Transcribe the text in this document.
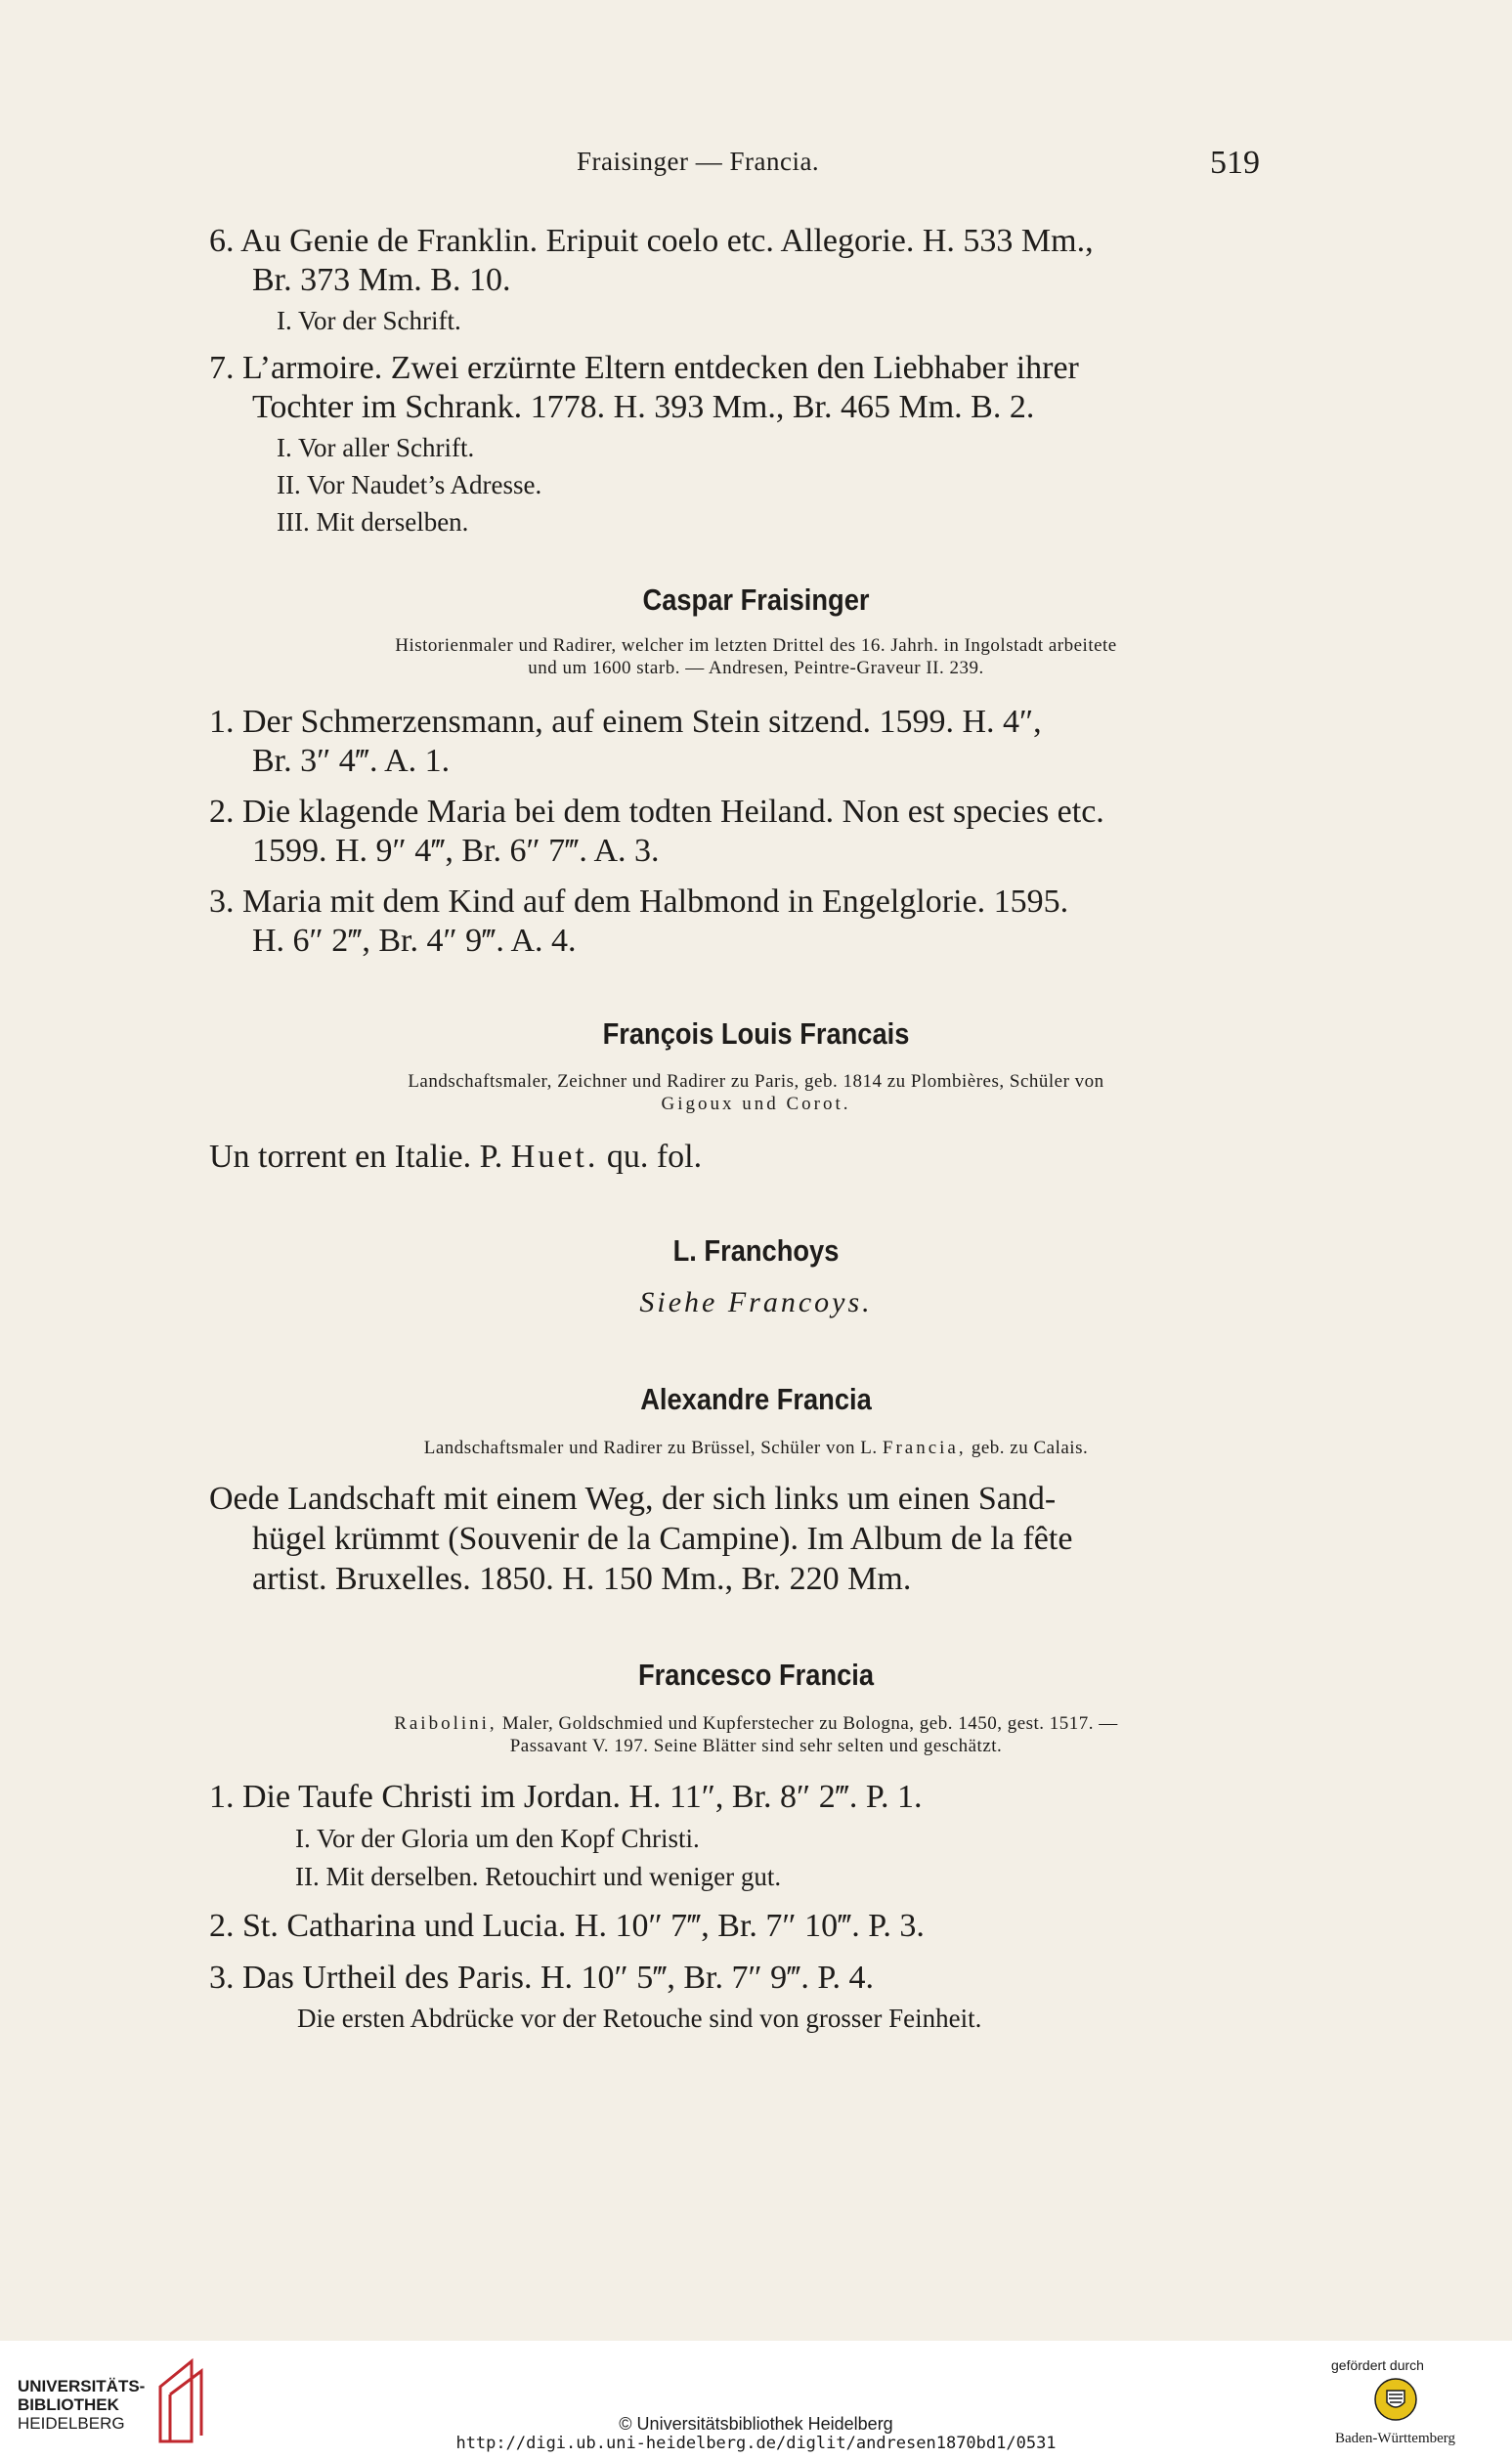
Fraisinger — Francia.	519
6. Au Genie de Franklin. Eripuit coelo etc. Allegorie. H. 533 Mm.,
Br. 373 Mm. B. 10.
I. Vor der Schrift.
7. L’armoire. Zwei erzürnte Eltern entdecken den Liebhaber ihrer
Tochter im Schrank. 1778. H. 393 Mm., Br. 465 Mm. B. 2.
I. Vor aller Schrift.
II. Vor Naudet’s Adresse.
III. Mit derselben.
Caspar Fraisinger
Historienmaler und Radirer, welcher im letzten Drittel des 16. Jahrh. in Ingolstadt arbeitete
und um 1600 starb. — Andresen, Peintre-Graveur II. 239.
1. Der Schmerzensmann, auf einem Stein sitzend. 1599. H. 4″,
Br. 3″ 4‴. A. 1.
2. Die klagende Maria bei dem todten Heiland. Non est species etc.
1599. H. 9″ 4‴, Br. 6″ 7‴. A. 3.
3. Maria mit dem Kind auf dem Halbmond in Engelglorie. 1595.
H. 6″ 2‴, Br. 4″ 9‴. A. 4.
François Louis Francais
Landschaftsmaler, Zeichner und Radirer zu Paris, geb. 1814 zu Plombières, Schüler von
Gigoux und Corot.
Un torrent en Italie. P. Huet. qu. fol.
L. Franchoys
Siehe Francoys.
Alexandre Francia
Landschaftsmaler und Radirer zu Brüssel, Schüler von L. Francia, geb. zu Calais.
Oede Landschaft mit einem Weg, der sich links um einen Sand-
hügel krümmt (Souvenir de la Campine). Im Album de la fête
artist. Bruxelles. 1850. H. 150 Mm., Br. 220 Mm.
Francesco Francia
Raibolini, Maler, Goldschmied und Kupferstecher zu Bologna, geb. 1450, gest. 1517. —
Passavant V. 197. Seine Blätter sind sehr selten und geschätzt.
1. Die Taufe Christi im Jordan. H. 11″, Br. 8″ 2‴. P. 1.
I. Vor der Gloria um den Kopf Christi.
II. Mit derselben. Retouchirt und weniger gut.
2. St. Catharina und Lucia. H. 10″ 7‴, Br. 7″ 10‴. P. 3.
3. Das Urtheil des Paris. H. 10″ 5‴, Br. 7″ 9‴. P. 4.
Die ersten Abdrücke vor der Retouche sind von grosser Feinheit.
UNIVERSITÄTS-
BIBLIOTHEK
HEIDELBERG	© Universitätsbibliothek Heidelberg
http://digi.ub.uni-heidelberg.de/diglit/andresen1870bd1/0531
gefördert durch
Baden-Württemberg
